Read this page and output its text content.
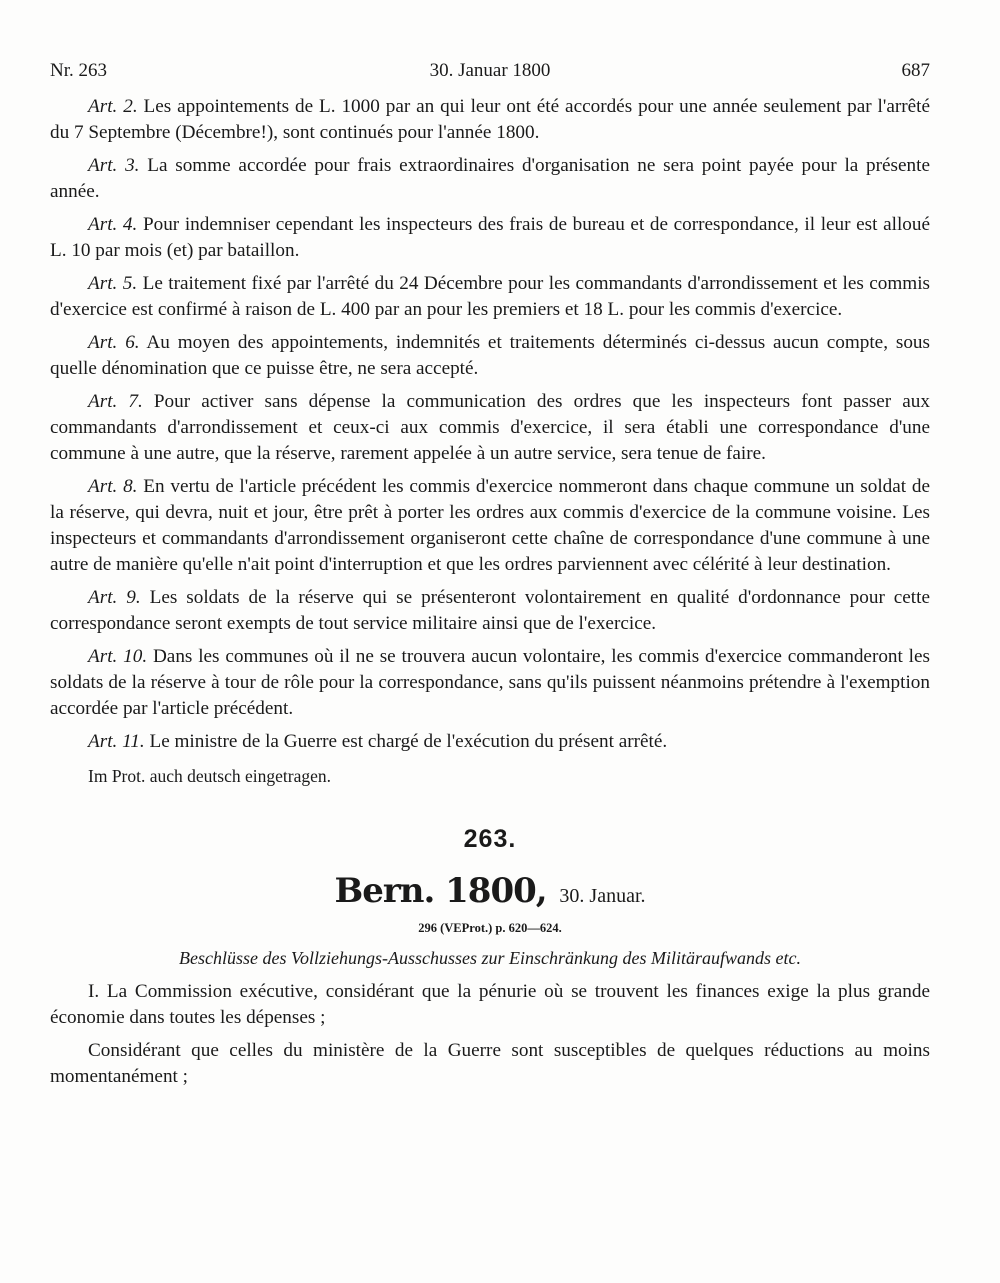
Nr. 263	30. Januar 1800	687

Art. 2. Les appointements de L. 1000 par an qui leur ont été accordés pour une année seulement par l'arrêté du 7 Septembre (Décembre!), sont continués pour l'année 1800.

Art. 3. La somme accordée pour frais extraordinaires d'organisation ne sera point payée pour la présente année.

Art. 4. Pour indemniser cependant les inspecteurs des frais de bureau et de correspondance, il leur est alloué L. 10 par mois (et) par bataillon.

Art. 5. Le traitement fixé par l'arrêté du 24 Décembre pour les commandants d'arrondissement et les commis d'exercice est confirmé à raison de L. 400 par an pour les premiers et 18 L. pour les commis d'exercice.

Art. 6. Au moyen des appointements, indemnités et traitements déterminés ci-dessus aucun compte, sous quelle dénomination que ce puisse être, ne sera accepté.

Art. 7. Pour activer sans dépense la communication des ordres que les inspecteurs font passer aux commandants d'arrondissement et ceux-ci aux commis d'exercice, il sera établi une correspondance d'une commune à une autre, que la réserve, rarement appelée à un autre service, sera tenue de faire.

Art. 8. En vertu de l'article précédent les commis d'exercice nommeront dans chaque commune un soldat de la réserve, qui devra, nuit et jour, être prêt à porter les ordres aux commis d'exercice de la commune voisine. Les inspecteurs et commandants d'arrondissement organiseront cette chaîne de correspondance d'une commune à une autre de manière qu'elle n'ait point d'interruption et que les ordres parviennent avec célérité à leur destination.

Art. 9. Les soldats de la réserve qui se présenteront volontairement en qualité d'ordonnance pour cette correspondance seront exempts de tout service militaire ainsi que de l'exercice.

Art. 10. Dans les communes où il ne se trouvera aucun volontaire, les commis d'exercice commanderont les soldats de la réserve à tour de rôle pour la correspondance, sans qu'ils puissent néanmoins prétendre à l'exemption accordée par l'article précédent.

Art. 11. Le ministre de la Guerre est chargé de l'exécution du présent arrêté.

Im Prot. auch deutsch eingetragen.
263.
Bern. 1800, 30. Januar.
296 (VEProt.) p. 620—624.
Beschlüsse des Vollziehungs-Ausschusses zur Einschränkung des Militäraufwands etc.

I. La Commission exécutive, considérant que la pénurie où se trouvent les finances exige la plus grande économie dans toutes les dépenses ;

Considérant que celles du ministère de la Guerre sont susceptibles de quelques réductions au moins momentanément ;
